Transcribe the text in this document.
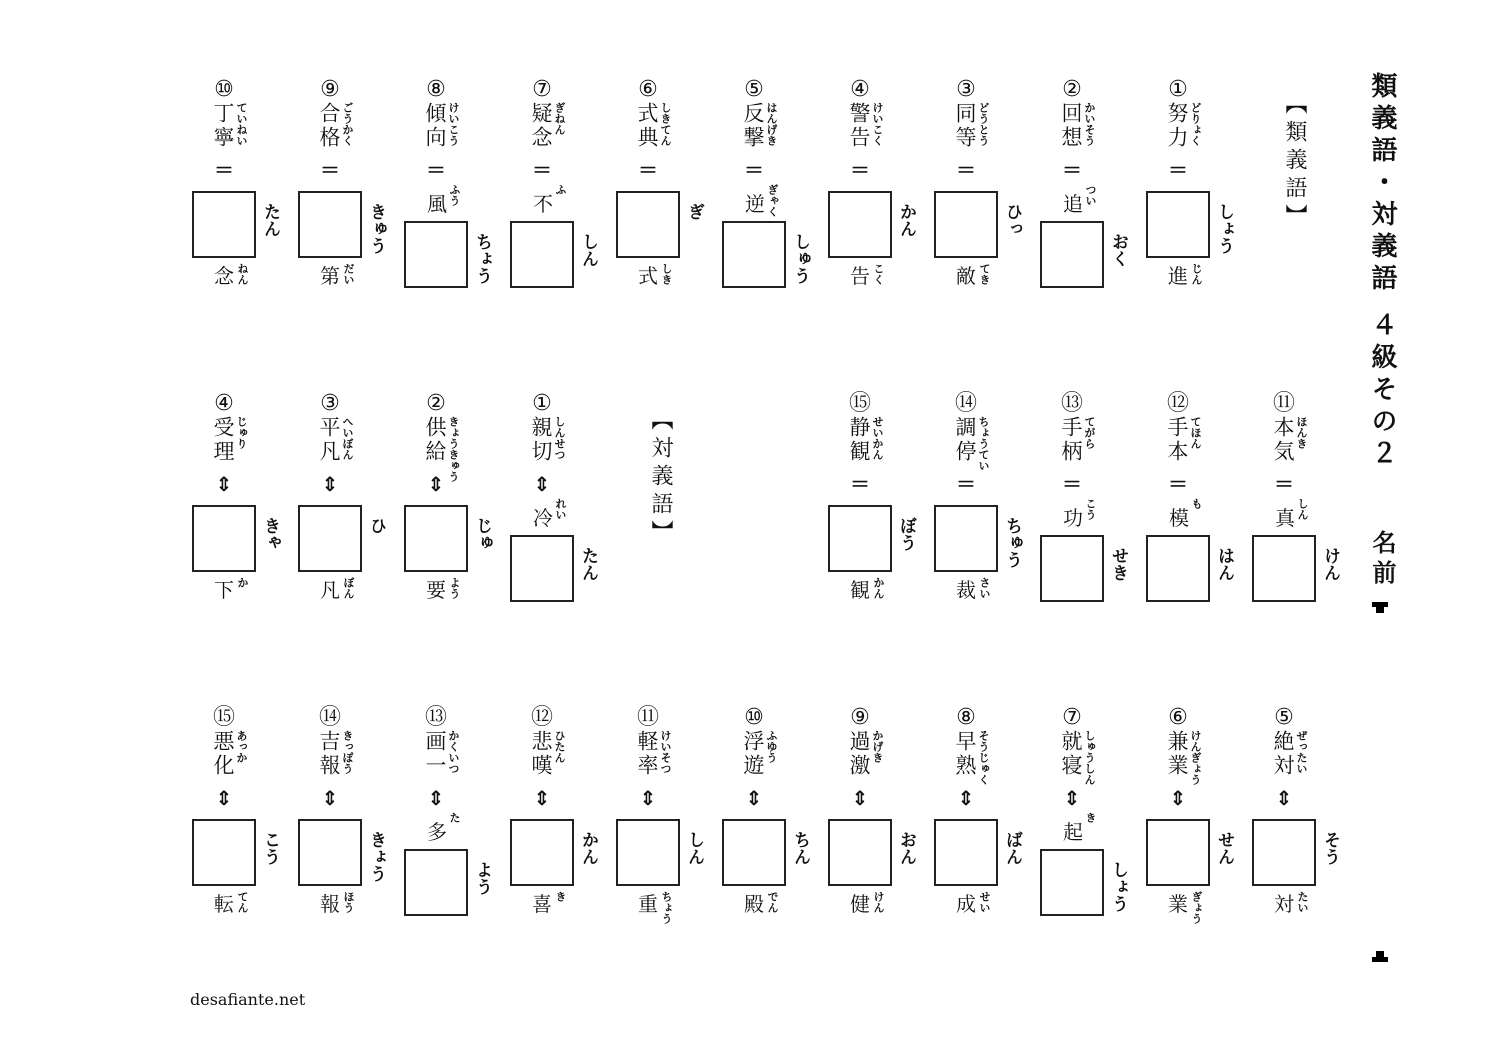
類義語・対義語 ４級その２
名前
【類義語】
【対義語】
①
努力 どりょく
＝
しょう
進 じん
②
回想 かいそう
＝
追 つい
おく
③
同等 どうとう
＝
ひっ
敵 てき
④
警告 けいこく
＝
かん
告 こく
⑤
反撃 はんげき
＝
逆 ぎゃく
しゅう
⑥
式典 しきてん
＝
ぎ
式 しき
⑦
疑念 ぎねん
＝
不
ふ
しん
⑧
傾向 けいこう
＝
風 ふう
ちょう
⑨
合格 ごうかく
＝
きゅう
第 だい
⑩
丁寧 ていねい
＝
たん
念 ねん
⑪
本気 ほんき
＝
真 しん
けん
⑫
手本 てほん
＝
模
も
はん
⑬
手柄 てがら
＝
功 こう
せき
⑭
調停 ちょうてい
＝
ちゅう
裁 さい
⑮
静観 せいかん
＝
ぼう
観 かん
①
親切 しんせつ
⇕
冷 れい
たん
②
供給 きょうきゅう
⇕
じゅ
要 よう
③
平凡 へいぼん
⇕
ひ
凡 ぼん
④
受理 じゅり
⇕
きゃ
下 か
⑤
絶対 ぜったい
⇕
そう
対 たい
⑥
兼業 けんぎょう
⇕
せん
業 ぎょう
⑦
就寝 しゅうしん
⇕
起
き
しょう
⑧
早熟 そうじゅく
⇕
ばん
成 せい
⑨
過激 かげき
⇕
おん
健 けん
⑩
浮遊 ふゆう
⇕
ちん
殿 でん
⑪
軽率 けいそつ
⇕
しん
重 ちょう
⑫
悲嘆 ひたん
⇕
かん
喜 き
⑬
画一 かくいつ
⇕
多
た
よう
⑭
吉報 きっぽう
⇕
きょう
報 ほう
⑮
悪化 あっか
⇕
こう
転 てん
desafiante.net
